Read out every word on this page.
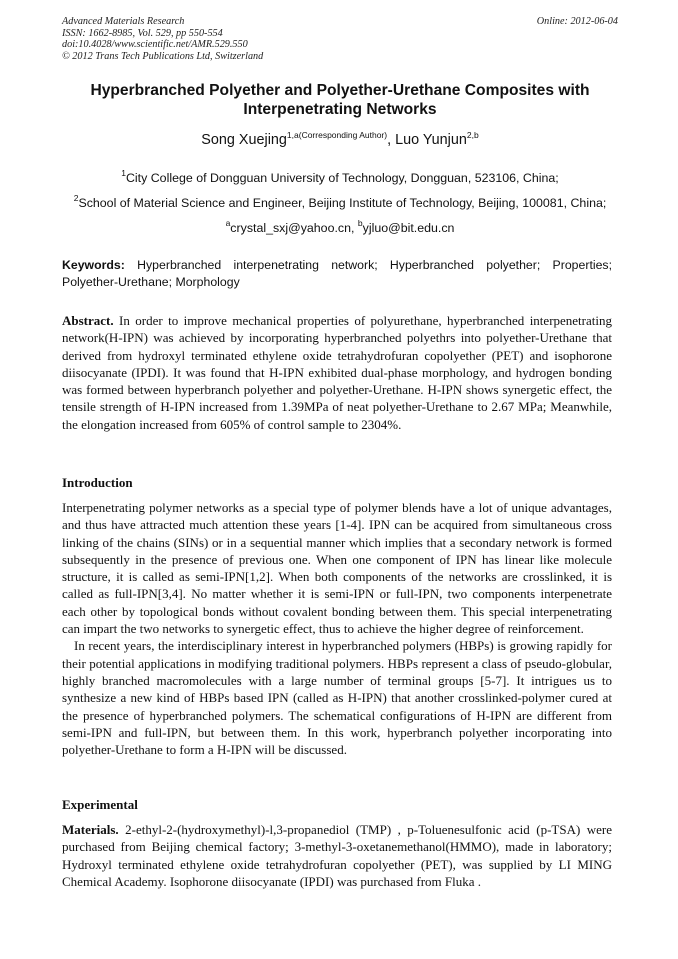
Advanced Materials Research
ISSN: 1662-8985, Vol. 529, pp 550-554
doi:10.4028/www.scientific.net/AMR.529.550
© 2012 Trans Tech Publications Ltd, Switzerland
Online: 2012-06-04
Hyperbranched Polyether and Polyether-Urethane Composites with
Interpenetrating Networks
Song Xuejing$^{1,a(Corresponding Author)}$, Luo Yunjun$^{2,b}$
$^1$City College of Dongguan University of Technology, Dongguan, 523106, China;
$^2$School of Material Science and Engineer, Beijing Institute of Technology, Beijing, 100081, China;
$^a$crystal_sxj@yahoo.cn, $^b$yjluo@bit.edu.cn
Keywords: Hyperbranched interpenetrating network; Hyperbranched polyether; Properties; Polyether-Urethane; Morphology
Abstract. In order to improve mechanical properties of polyurethane, hyperbranched interpenetrating network(H-IPN) was achieved by incorporating hyperbranched polyethrs into polyether-Urethane that derived from hydroxyl terminated ethylene oxide tetrahydrofuran copolyether (PET) and isophorone diisocyanate (IPDI). It was found that H-IPN exhibited dual-phase morphology, and hydrogen bonding was formed between hyperbranch polyether and polyether-Urethane. H-IPN shows synergetic effect, the tensile strength of H-IPN increased from 1.39MPa of neat polyether-Urethane to 2.67 MPa; Meanwhile, the elongation increased from 605% of control sample to 2304%.
Introduction

Interpenetrating polymer networks as a special type of polymer blends have a lot of unique advantages, and thus have attracted much attention these years [1-4]. IPN can be acquired from simultaneous cross linking of the chains (SINs) or in a sequential manner which implies that a secondary network is formed subsequently in the presence of previous one. When one component of IPN has linear like molecule structure, it is called as semi-IPN[1,2]. When both components of the networks are crosslinked, it is called as full-IPN[3,4]. No matter whether it is semi-IPN or full-IPN, two components interpenetrate each other by topological bonds without covalent bonding between them. This special interpenetrating can impart the two networks to synergetic effect, thus to achieve the higher degree of reinforcement.

In recent years, the interdisciplinary interest in hyperbranched polymers (HBPs) is growing rapidly for their potential applications in modifying traditional polymers. HBPs represent a class of pseudo-globular, highly branched macromolecules with a large number of terminal groups [5-7]. It intrigues us to synthesize a new kind of HBPs based IPN (called as H-IPN) that another crosslinked-polymer cured at the presence of hyperbranched polymers. The schematical configurations of H-IPN are different from semi-IPN and full-IPN, but between them. In this work, hyperbranch polyether incorporating into polyether-Urethane to form a H-IPN will be discussed.

Experimental
Materials. 2-ethyl-2-(hydroxymethyl)-l,3-propanediol (TMP) , p-Toluenesulfonic acid (p-TSA) were purchased from Beijing chemical factory; 3-methyl-3-oxetanemethanol(HMMO), made in laboratory; Hydroxyl terminated ethylene oxide tetrahydrofuran copolyether (PET), was supplied by LI MING Chemical Academy. Isophorone diisocyanate (IPDI) was purchased from Fluka .
